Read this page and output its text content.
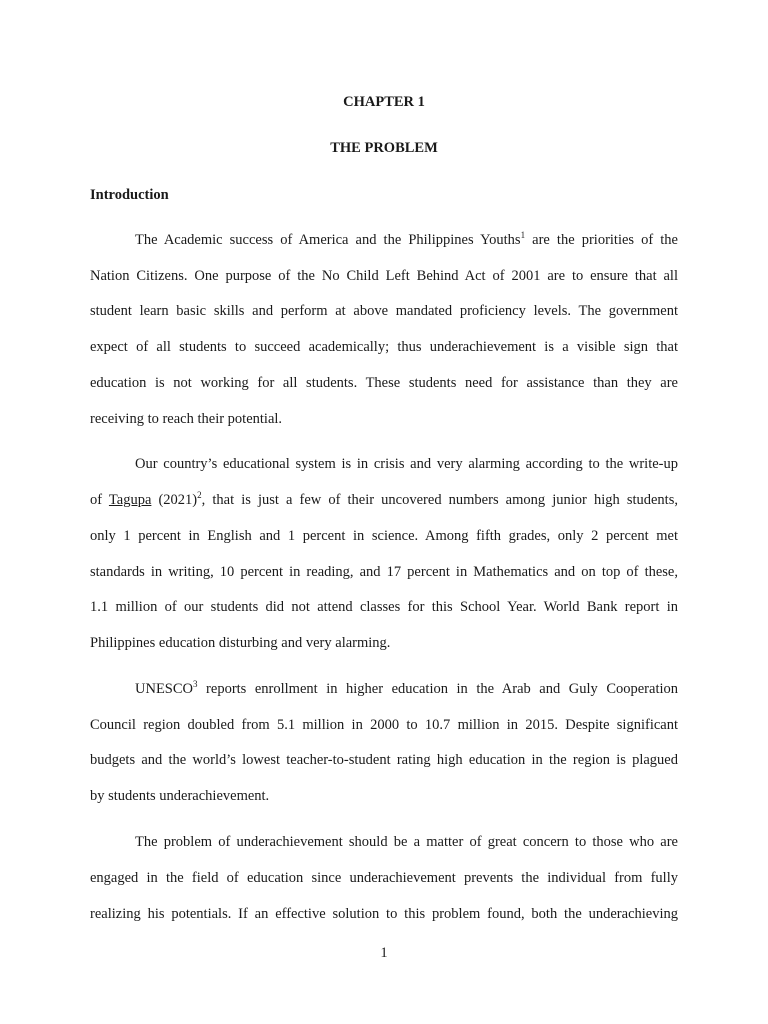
CHAPTER 1
THE PROBLEM
Introduction
The Academic success of America and the Philippines Youths$^1$ are the priorities of the
Nation Citizens. One purpose of the No Child Left Behind Act of 2001 are to ensure that all
student learn basic skills and perform at above mandated proficiency levels. The government
expect of all students to succeed academically; thus underachievement is a visible sign that
education is not working for all students. These students need for assistance than they are
receiving to reach their potential.
Our country’s educational system is in crisis and very alarming according to the write-up
of Tagupa $(2021)^2$, that is just a few of their uncovered numbers among junior high students,
only 1 percent in English and 1 percent in science. Among fifth grades, only 2 percent met
standards in writing, 10 percent in reading, and 17 percent in Mathematics and on top of these,
1.1 million of our students did not attend classes for this School Year. World Bank report in
Philippines education disturbing and very alarming.
UNESCO$^3$ reports enrollment in higher education in the Arab and Guly Cooperation
Council region doubled from 5.1 million in 2000 to 10.7 million in 2015. Despite significant
budgets and the world’s lowest teacher-to-student rating high education in the region is plagued
by students underachievement.
The problem of underachievement should be a matter of great concern to those who are
engaged in the field of education since underachievement prevents the individual from fully
realizing his potentials. If an effective solution to this problem found, both the underachieving
1
